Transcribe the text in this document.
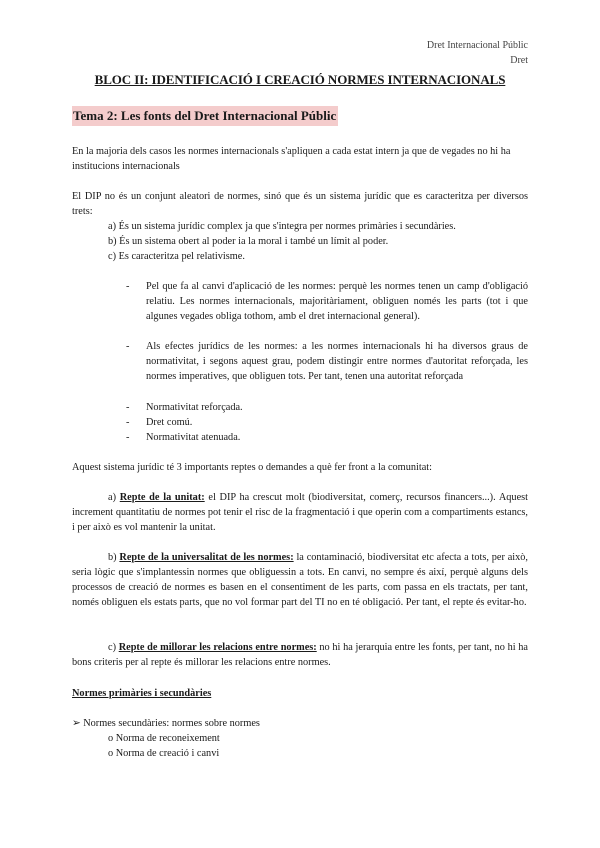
Dret Internacional Públic
Dret
BLOC II: IDENTIFICACIÓ I CREACIÓ NORMES INTERNACIONALS
Tema 2: Les fonts del Dret Internacional Públic
En la majoria dels casos les normes internacionals s'apliquen a cada estat intern ja que de vegades no hi ha institucions internacionals
El DIP no és un conjunt aleatori de normes, sinó que és un sistema jurídic que es caracteritza per diversos trets:
a) És un sistema jurídic complex ja que s'integra per normes primàries i secundàries.
b) És un sistema obert al poder ia la moral i també un límit al poder.
c) Es caracteritza pel relativisme.
- Pel que fa al canvi d'aplicació de les normes: perquè les normes tenen un camp d'obligació relatiu. Les normes internacionals, majoritàriament, obliguen només les parts (tot i que algunes vegades obliga tothom, amb el dret internacional general).
- Als efectes jurídics de les normes: a les normes internacionals hi ha diversos graus de normativitat, i segons aquest grau, podem distingir entre normes d'autoritat reforçada, les normes imperatives, que obliguen tots. Per tant, tenen una autoritat reforçada
- Normativitat reforçada.
- Dret comú.
- Normativitat atenuada.
Aquest sistema jurídic té 3 importants reptes o demandes a què fer front a la comunitat:
a) Repte de la unitat: el DIP ha crescut molt (biodiversitat, comerç, recursos financers...). Aquest increment quantitatiu de normes pot tenir el risc de la fragmentació i que operin com a compartiments estancs, i per això es vol mantenir la unitat.
b) Repte de la universalitat de les normes: la contaminació, biodiversitat etc afecta a tots, per això, seria lògic que s'implantessin normes que obliguessin a tots. En canvi, no sempre és així, perquè alguns dels processos de creació de normes es basen en el consentiment de les parts, com passa en els tractats, per tant, només obliguen els estats parts, que no vol formar part del TI no en té obligació. Per tant, el repte és evitar-ho.
c) Repte de millorar les relacions entre normes: no hi ha jerarquia entre les fonts, per tant, no hi ha bons criteris per al repte és millorar les relacions entre normes.
Normes primàries i secundàries
➢ Normes secundàries: normes sobre normes
o Norma de reconeixement
o Norma de creació i canvi
